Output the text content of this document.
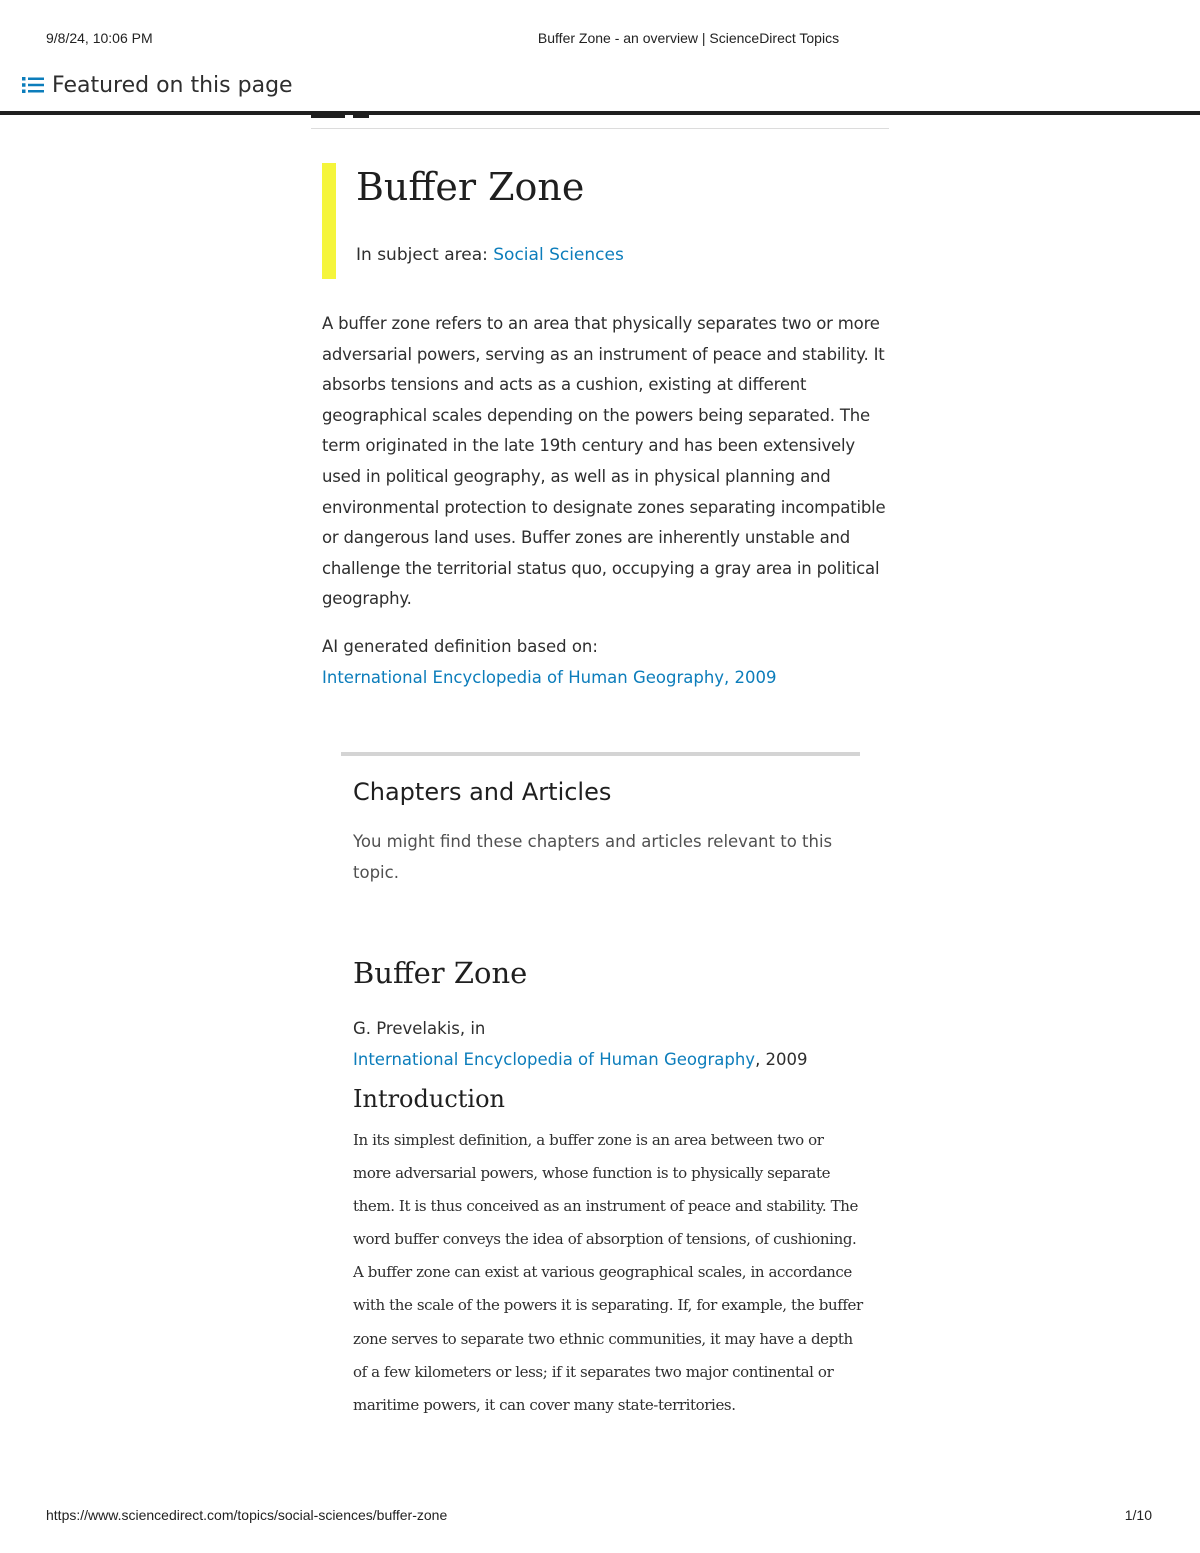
9/8/24, 10:06 PM	Buffer Zone - an overview | ScienceDirect Topics
Featured on this page
Buffer Zone
In subject area: Social Sciences

A buffer zone refers to an area that physically separates two or more adversarial powers, serving as an instrument of peace and stability. It absorbs tensions and acts as a cushion, existing at different geographical scales depending on the powers being separated. The term originated in the late 19th century and has been extensively used in political geography, as well as in physical planning and environmental protection to designate zones separating incompatible or dangerous land uses. Buffer zones are inherently unstable and challenge the territorial status quo, occupying a gray area in political geography.

AI generated definition based on:
International Encyclopedia of Human Geography, 2009
Chapters and Articles

You might find these chapters and articles relevant to this topic.

Buffer Zone
G. Prevelakis, in
International Encyclopedia of Human Geography, 2009
Introduction

In its simplest definition, a buffer zone is an area between two or more adversarial powers, whose function is to physically separate them. It is thus conceived as an instrument of peace and stability. The word buffer conveys the idea of absorption of tensions, of cushioning. A buffer zone can exist at various geographical scales, in accordance with the scale of the powers it is separating. If, for example, the buffer zone serves to separate two ethnic communities, it may have a depth of a few kilometers or less; if it separates two major continental or maritime powers, it can cover many state-territories.

https://www.sciencedirect.com/topics/social-sciences/buffer-zone	1/10
